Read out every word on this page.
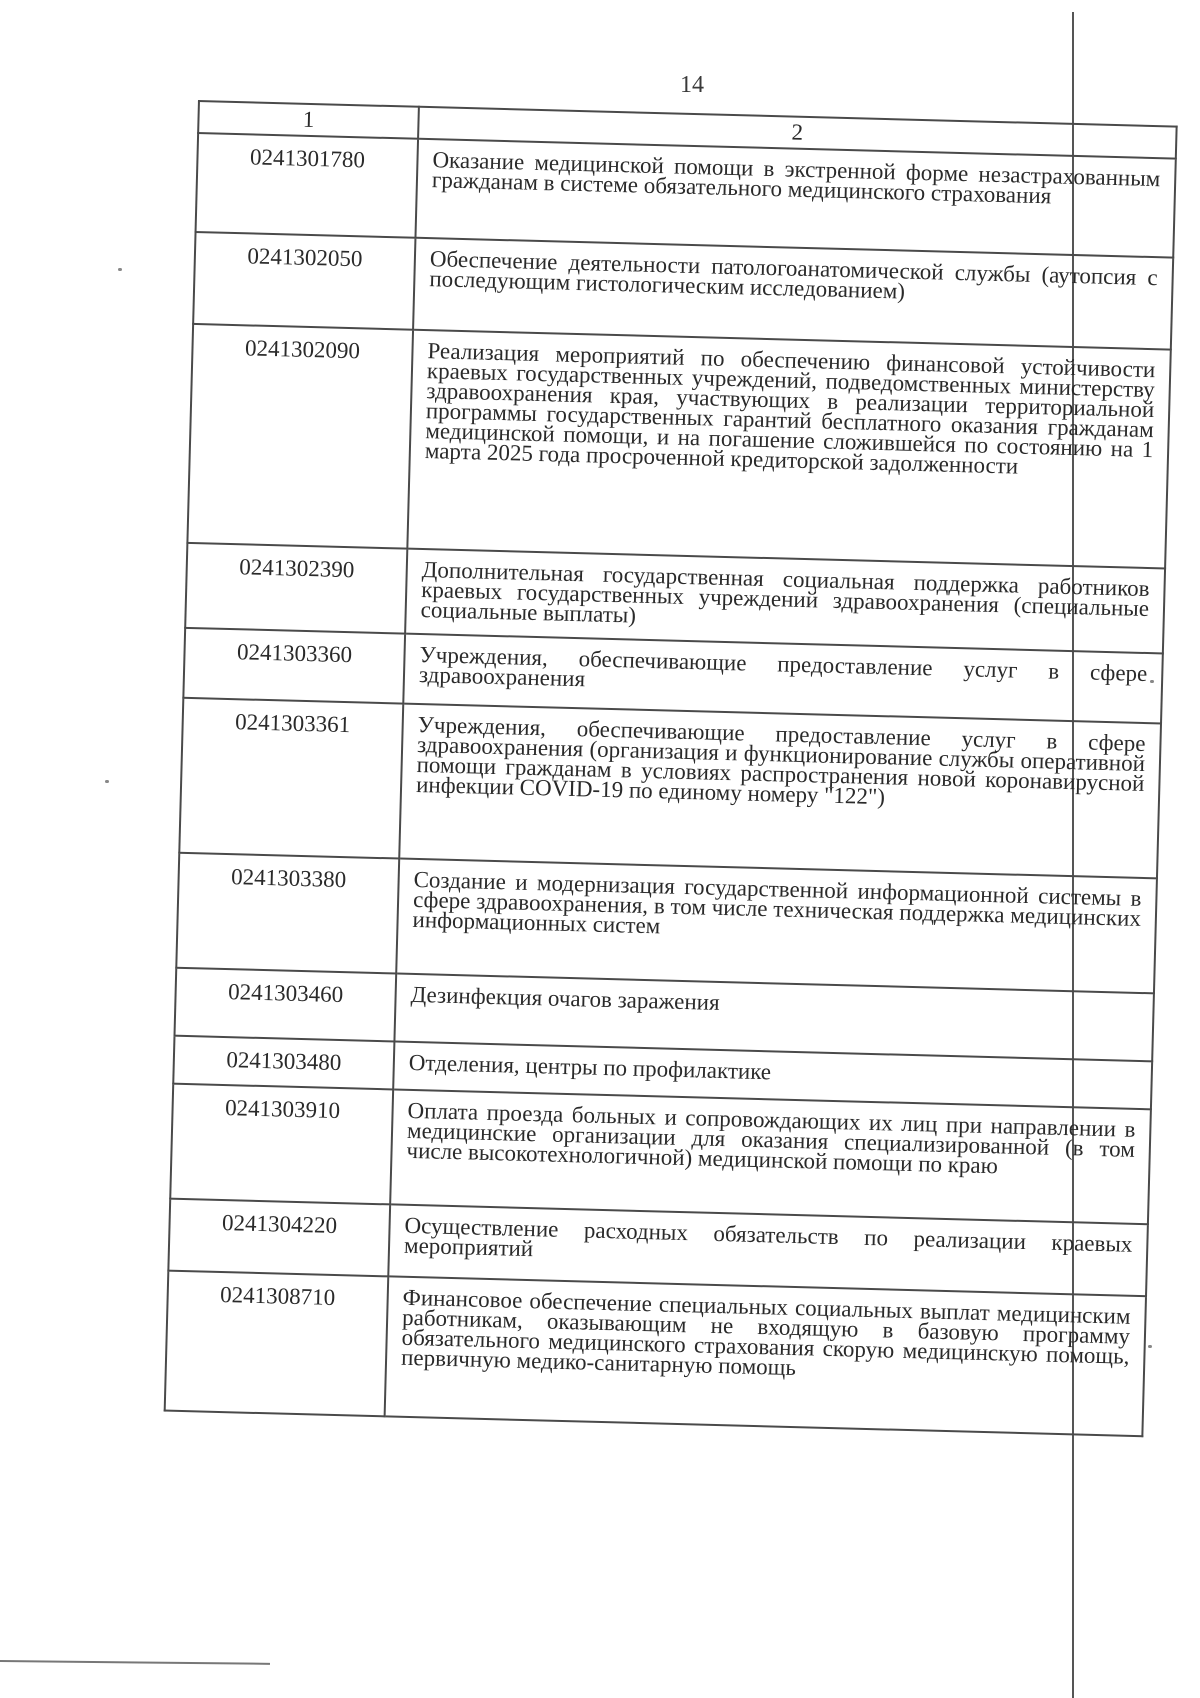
14
1	2
0241301780	Оказание медицинской помощи в экстренной форме незастрахованным гражданам в системе обязательного медицинского страхования
0241302050	Обеспечение деятельности патологоанатомической службы (аутопсия с последующим гистологическим исследованием)
0241302090	Реализация мероприятий по обеспечению финансовой устойчивости краевых государственных учреждений, подведомственных министерству здравоохранения края, участвующих в реализации территориальной программы государственных гарантий бесплатного оказания гражданам медицинской помощи, и на погашение сложившейся по состоянию на 1 марта 2025 года просроченной кредиторской задолженности
0241302390	Дополнительная государственная социальная поддержка работников краевых государственных учреждений здравоохранения (специальные социальные выплаты)
0241303360	Учреждения, обеспечивающие предоставление услуг в сфере здравоохранения
0241303361	Учреждения, обеспечивающие предоставление услуг в сфере здравоохранения (организация и функционирование службы оперативной помощи гражданам в условиях распространения новой коронавирусной инфекции COVID-19 по единому номеру "122")
0241303380	Создание и модернизация государственной информационной системы в сфере здравоохранения, в том числе техническая поддержка медицинских информационных систем
0241303460	Дезинфекция очагов заражения
0241303480	Отделения, центры по профилактике
0241303910	Оплата проезда больных и сопровождающих их лиц при направлении в медицинские организации для оказания специализированной (в том числе высокотехнологичной) медицинской помощи по краю
0241304220	Осуществление расходных обязательств по реализации краевых мероприятий
0241308710	Финансовое обеспечение специальных социальных выплат медицинским работникам, оказывающим не входящую в базовую программу обязательного медицинского страхования скорую медицинскую помощь, первичную медико-санитарную помощь
